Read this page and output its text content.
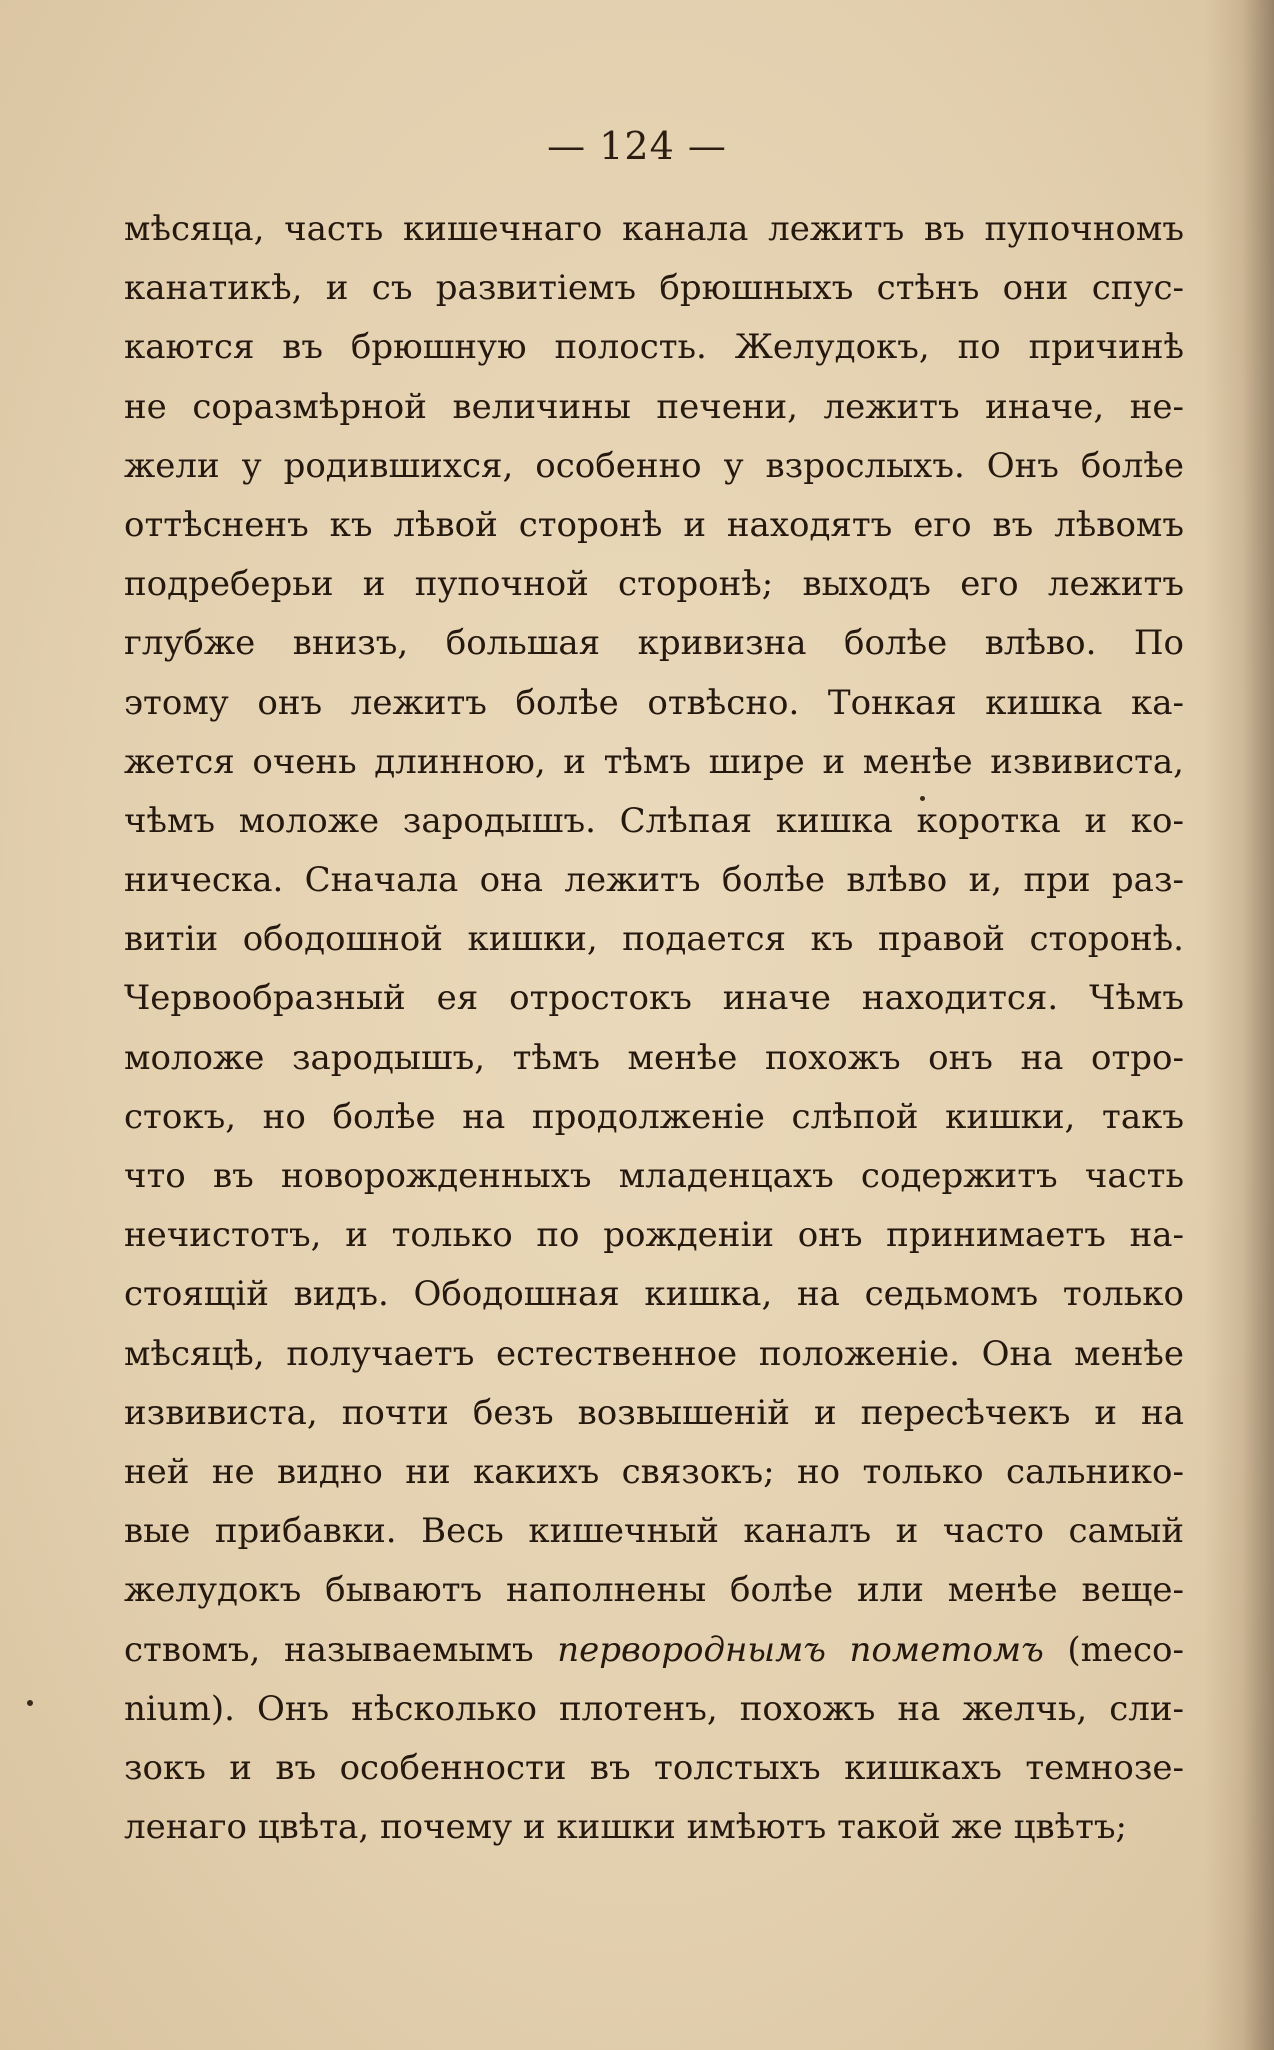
— 124 —
мѣсяца, часть кишечнаго канала лежитъ въ пупочномъ
канатикѣ, и съ развитіемъ брюшныхъ стѣнъ они спус-
каются въ брюшную полость. Желудокъ, по причинѣ
не соразмѣрной величины печени, лежитъ иначе, не-
жели у родившихся, особенно у взрослыхъ. Онъ болѣе
оттѣсненъ къ лѣвой сторонѣ и находятъ его въ лѣвомъ
подреберьи и пупочной сторонѣ; выходъ его лежитъ
глубже внизъ, большая кривизна болѣе влѣво. По
этому онъ лежитъ болѣе отвѣсно. Тонкая кишка ка-
жется очень длинною, и тѣмъ шире и менѣе извивиста,
чѣмъ моложе зародышъ. Слѣпая кишка коротка и ко-
ническа. Сначала она лежитъ болѣе влѣво и, при раз-
витіи ободошной кишки, подается къ правой сторонѣ.
Червообразный ея отростокъ иначе находится. Чѣмъ
моложе зародышъ, тѣмъ менѣе похожъ онъ на отро-
стокъ, но болѣе на продолженіе слѣпой кишки, такъ
что въ новорожденныхъ младенцахъ содержитъ часть
нечистотъ, и только по рожденіи онъ принимаетъ на-
стоящій видъ. Ободошная кишка, на седьмомъ только
мѣсяцѣ, получаетъ естественное положеніе. Она менѣе
извивиста, почти безъ возвышеній и пересѣчекъ и на
ней не видно ни какихъ связокъ; но только сальнико-
вые прибавки. Весь кишечный каналъ и часто самый
желудокъ бываютъ наполнены болѣе или менѣе веще-
ствомъ, называемымъ первороднымъ пометомъ (meco-
nium). Онъ нѣсколько плотенъ, похожъ на желчь, сли-
зокъ и въ особенности въ толстыхъ кишкахъ темнозе-
ленаго цвѣта, почему и кишки имѣютъ такой же цвѣтъ;
